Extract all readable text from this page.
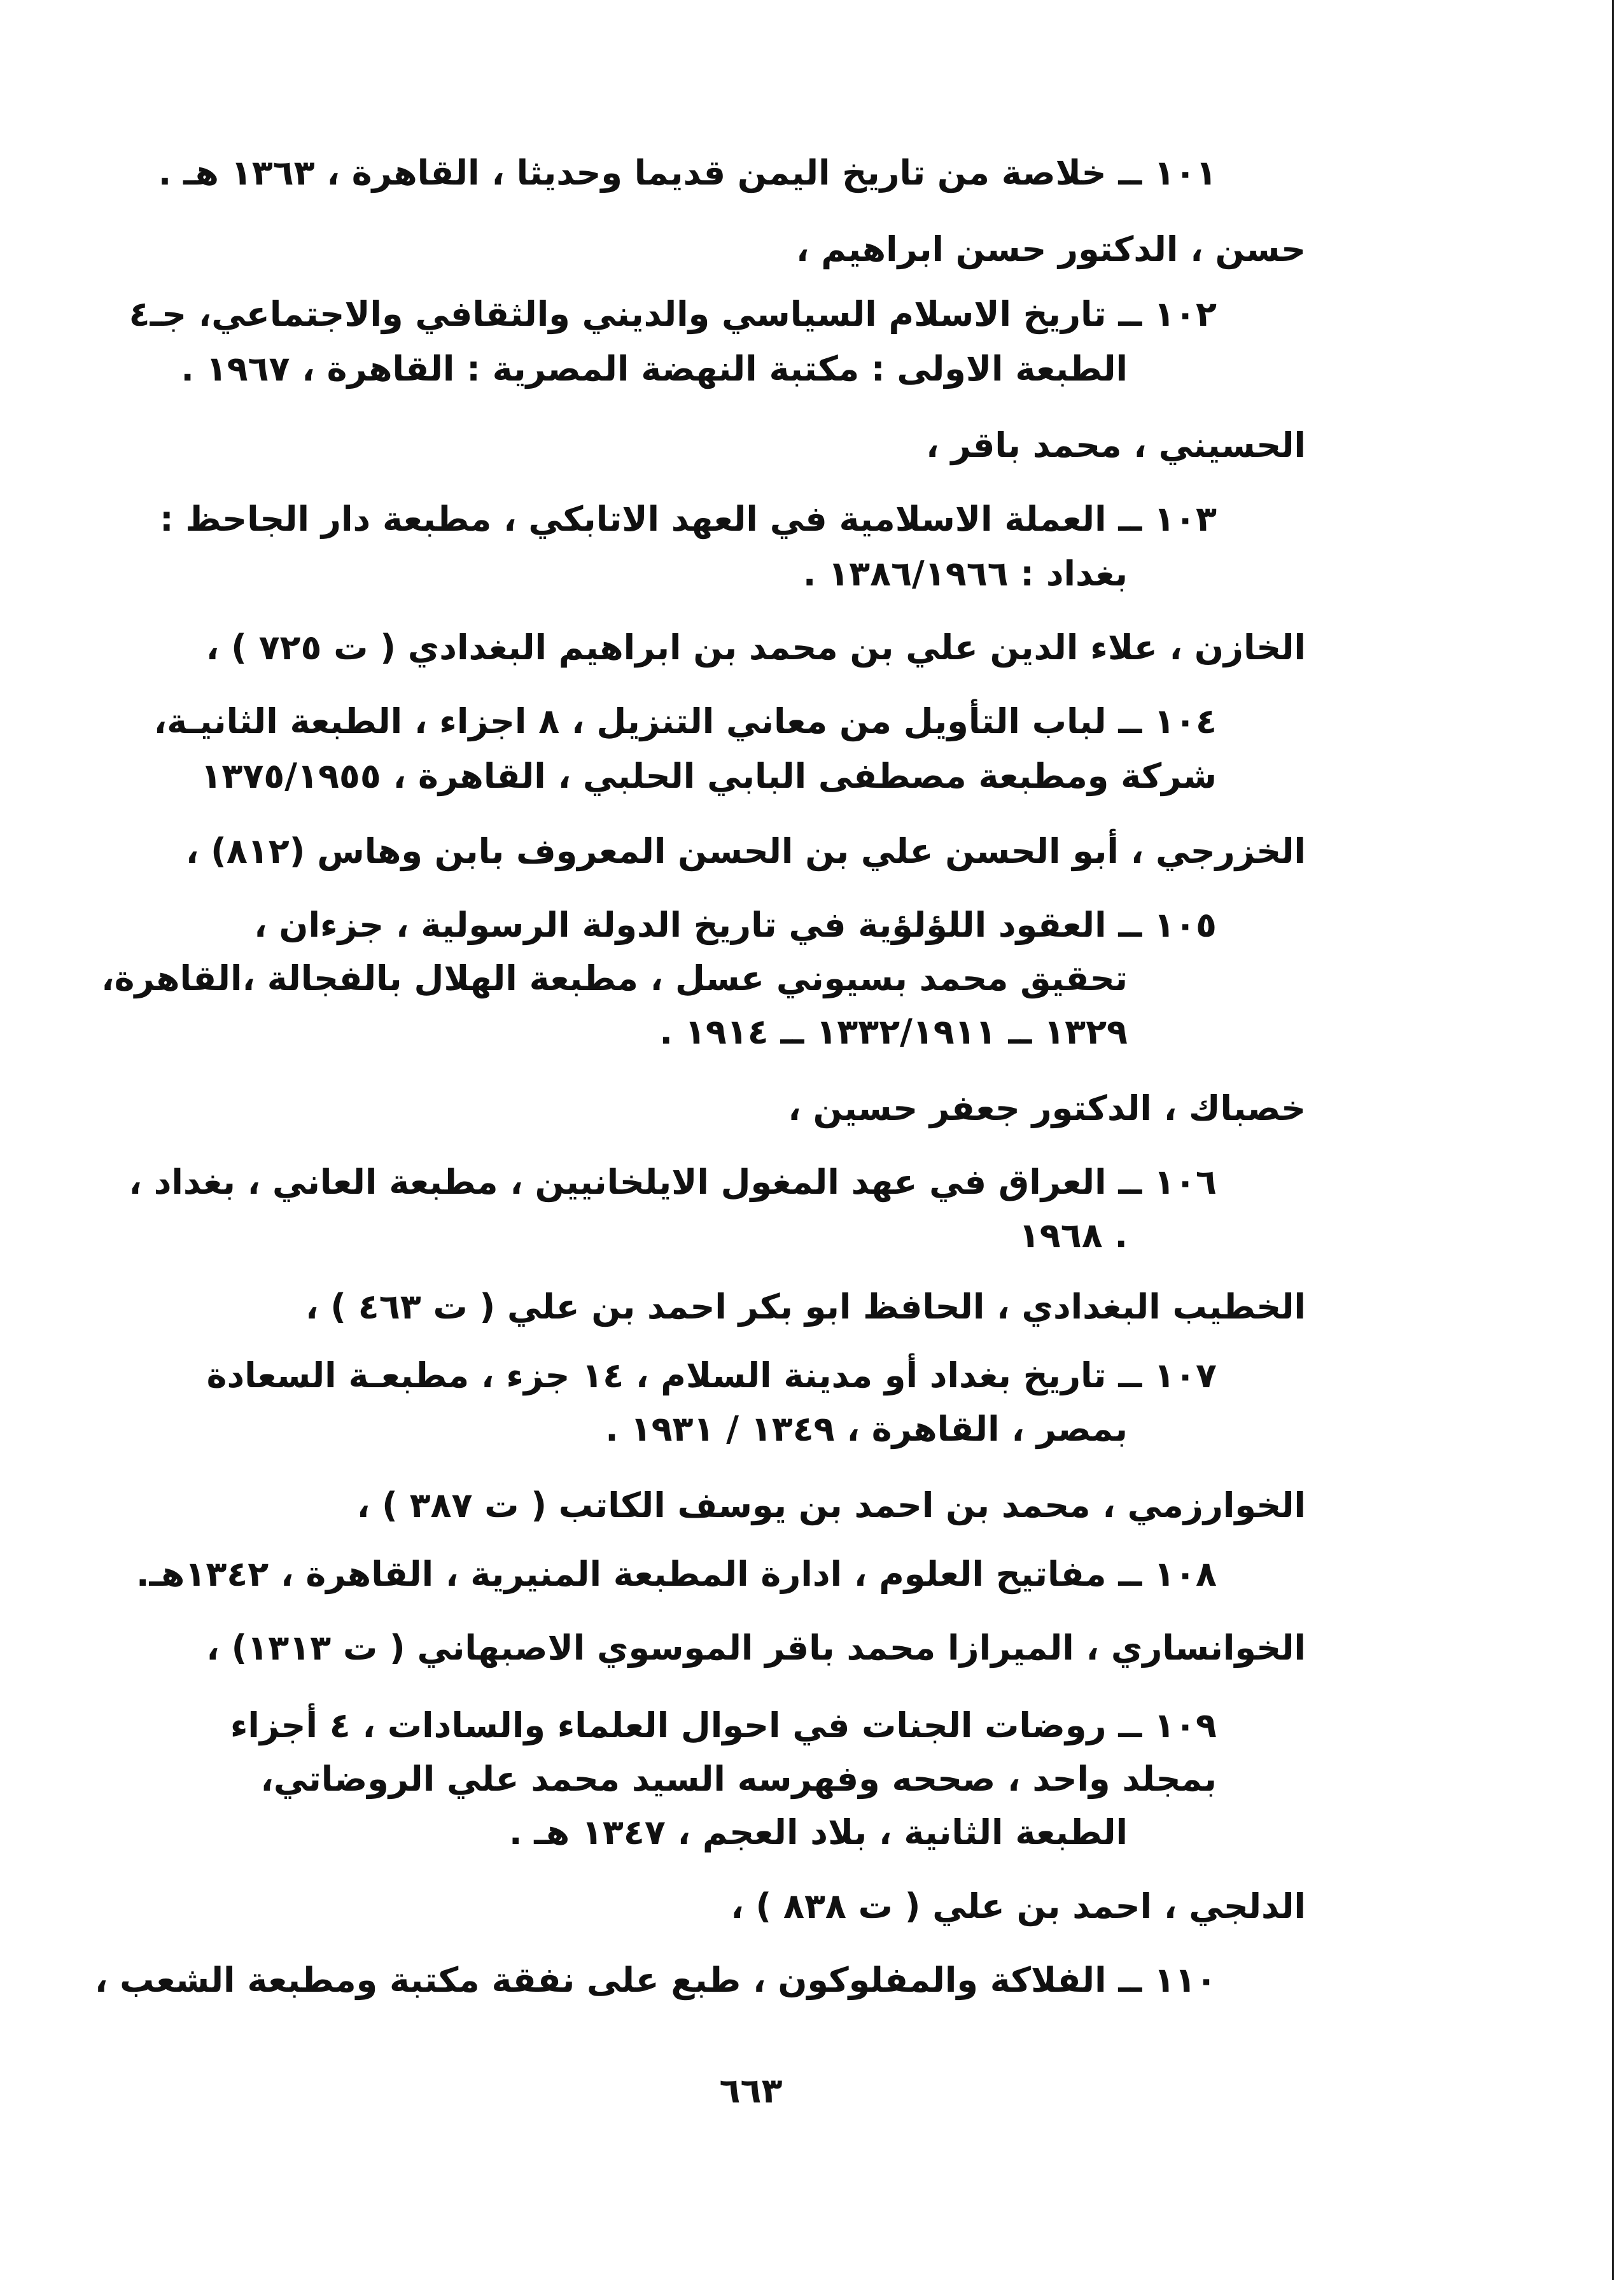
١٠١ ــ خلاصة من تاريخ اليمن قديما وحديثا ، القاهرة ، ١٣٦٣ هـ .
حسن ، الدكتور حسن ابراهيم ،
١٠٢ ــ تاريخ الاسلام السياسي والديني والثقافي والاجتماعي، جـ٤
الطبعة الاولى : مكتبة النهضة المصرية : القاهرة ، ١٩٦٧ .
الحسيني ، محمد باقر ،
١٠٣ ــ العملة الاسلامية في العهد الاتابكي ، مطبعة دار الجاحظ :
بغداد : ١٣٨٦/١٩٦٦ .
الخازن ، علاء الدين علي بن محمد بن ابراهيم البغدادي ( ت ٧٢٥ ) ،
١٠٤ ــ لباب التأويل من معاني التنزيل ، ٨ اجزاء ، الطبعة الثانيـة،
شركة ومطبعة مصطفى البابي الحلبي ، القاهرة ، ١٣٧٥/١٩٥٥
الخزرجي ، أبو الحسن علي بن الحسن المعروف بابن وهاس (٨١٢) ،
١٠٥ ــ العقود اللؤلؤية في تاريخ الدولة الرسولية ، جزءان ،
تحقيق محمد بسيوني عسل ، مطبعة الهلال بالفجالة ،القاهرة،
١٣٢٩ ــ ١٣٣٢/١٩١١ ــ ١٩١٤ .
خصباك ، الدكتور جعفر حسين ،
١٠٦ ــ العراق في عهد المغول الايلخانيين ، مطبعة العاني ، بغداد ،
١٩٦٨ .
الخطيب البغدادي ، الحافظ ابو بكر احمد بن علي ( ت ٤٦٣ ) ،
١٠٧ ــ تاريخ بغداد أو مدينة السلام ، ١٤ جزء ، مطبعـة السعادة
بمصر ، القاهرة ، ١٣٤٩ / ١٩٣١ .
الخوارزمي ، محمد بن احمد بن يوسف الكاتب ( ت ٣٨٧ ) ،
١٠٨ ــ مفاتيح العلوم ، ادارة المطبعة المنيرية ، القاهرة ، ١٣٤٢هـ.
الخوانساري ، الميرازا محمد باقر الموسوي الاصبهاني ( ت ١٣١٣) ،
١٠٩ ــ روضات الجنات في احوال العلماء والسادات ، ٤ أجزاء
بمجلد واحد ، صححه وفهرسه السيد محمد علي الروضاتي،
الطبعة الثانية ، بلاد العجم ، ١٣٤٧ هـ .
الدلجي ، احمد بن علي ( ت ٨٣٨ ) ،
١١٠ ــ الفلاكة والمفلوكون ، طبع على نفقة مكتبة ومطبعة الشعب ،
٦٦٣
